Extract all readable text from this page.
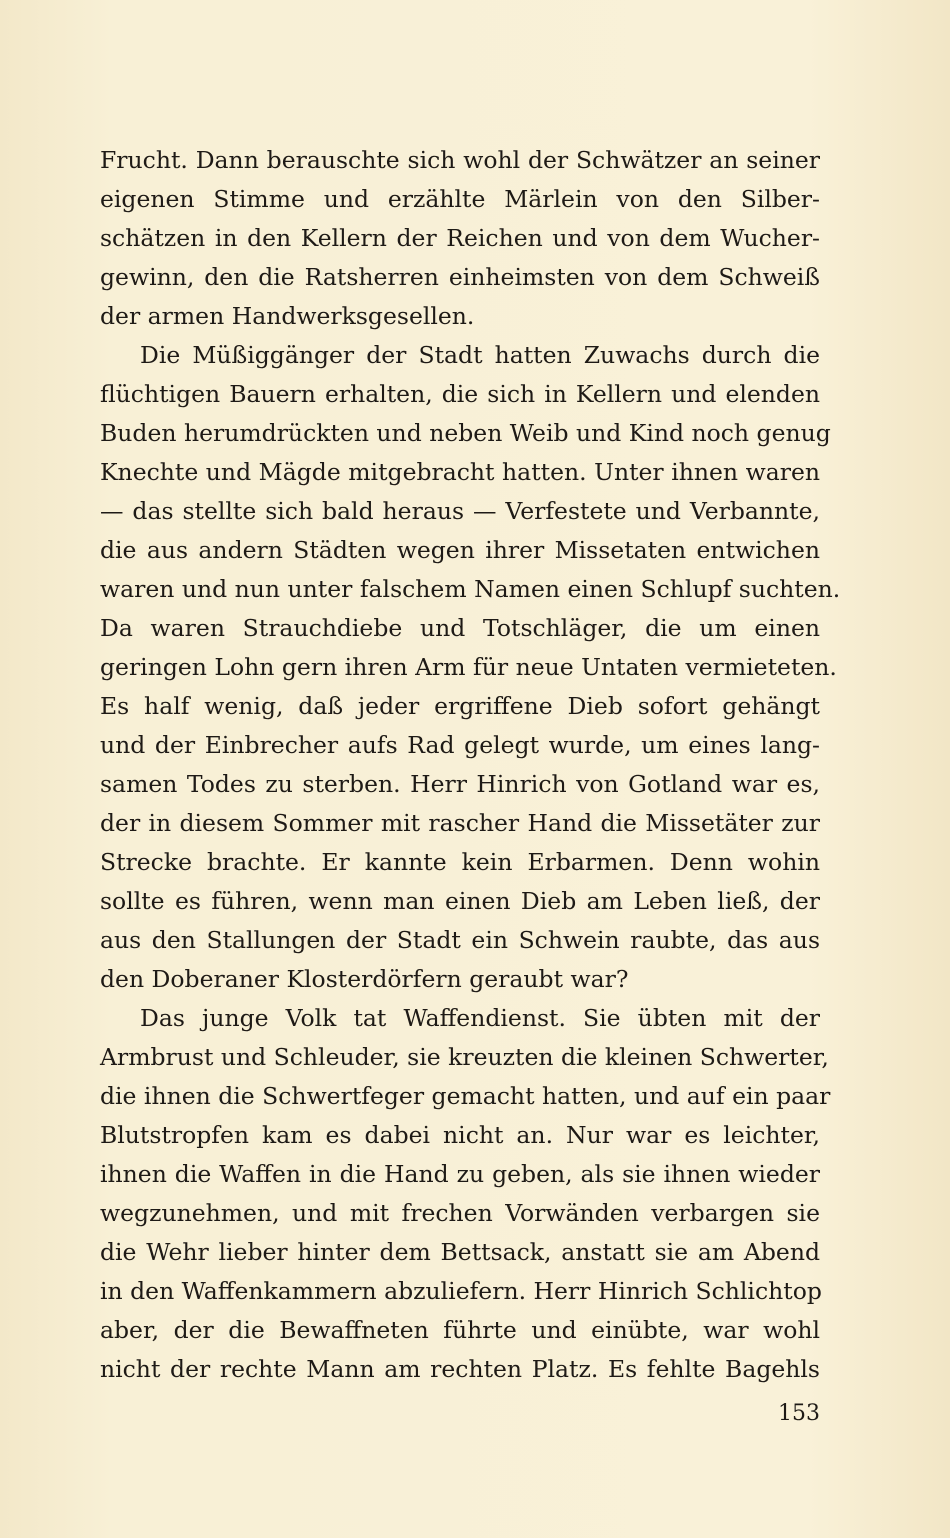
Frucht. Dann berauschte sich wohl der Schwätzer an seiner
eigenen Stimme und erzählte Märlein von den Silber-
schätzen in den Kellern der Reichen und von dem Wucher-
gewinn, den die Ratsherren einheimsten von dem Schweiß
der armen Handwerksgesellen.
Die Müßiggänger der Stadt hatten Zuwachs durch die
flüchtigen Bauern erhalten, die sich in Kellern und elenden
Buden herumdrückten und neben Weib und Kind noch genug
Knechte und Mägde mitgebracht hatten. Unter ihnen waren
— das stellte sich bald heraus — Verfestete und Verbannte,
die aus andern Städten wegen ihrer Missetaten entwichen
waren und nun unter falschem Namen einen Schlupf suchten.
Da waren Strauchdiebe und Totschläger, die um einen
geringen Lohn gern ihren Arm für neue Untaten vermieteten.
Es half wenig, daß jeder ergriffene Dieb sofort gehängt
und der Einbrecher aufs Rad gelegt wurde, um eines lang-
samen Todes zu sterben. Herr Hinrich von Gotland war es,
der in diesem Sommer mit rascher Hand die Missetäter zur
Strecke brachte. Er kannte kein Erbarmen. Denn wohin
sollte es führen, wenn man einen Dieb am Leben ließ, der
aus den Stallungen der Stadt ein Schwein raubte, das aus
den Doberaner Klosterdörfern geraubt war?
Das junge Volk tat Waffendienst. Sie übten mit der
Armbrust und Schleuder, sie kreuzten die kleinen Schwerter,
die ihnen die Schwertfeger gemacht hatten, und auf ein paar
Blutstropfen kam es dabei nicht an. Nur war es leichter,
ihnen die Waffen in die Hand zu geben, als sie ihnen wieder
wegzunehmen, und mit frechen Vorwänden verbargen sie
die Wehr lieber hinter dem Bettsack, anstatt sie am Abend
in den Waffenkammern abzuliefern. Herr Hinrich Schlichtop
aber, der die Bewaffneten führte und einübte, war wohl
nicht der rechte Mann am rechten Platz. Es fehlte Bagehls
153
